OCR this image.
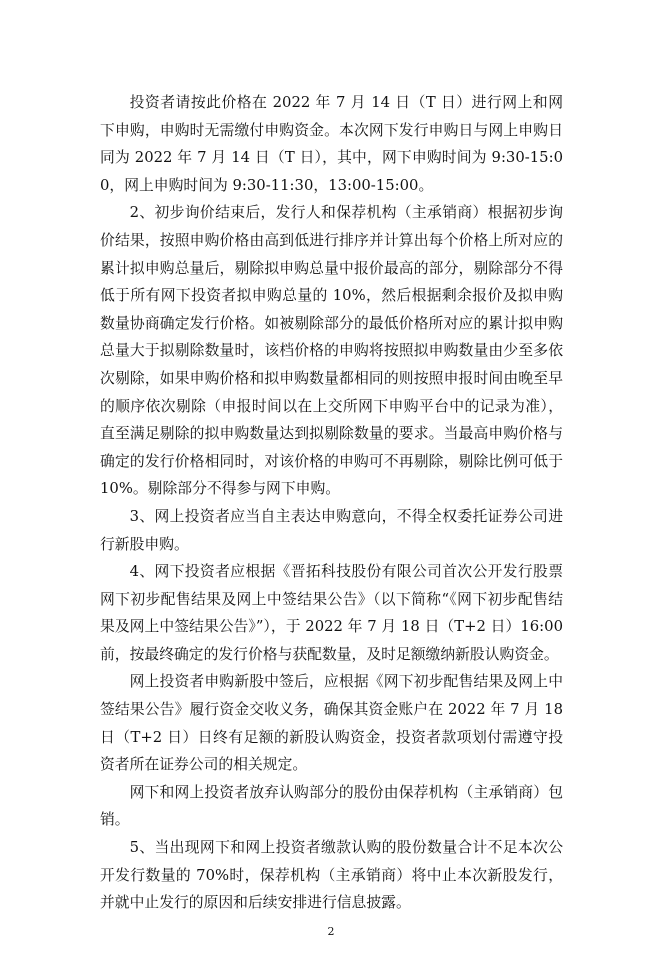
投资者请按此价格在 2022 年 7 月 14 日（T 日）进行网上和网下申购，申购时无需缴付申购资金。本次网下发行申购日与网上申购日同为 2022 年 7 月 14 日（T 日），其中，网下申购时间为 9:30-15:00，网上申购时间为 9:30-11:30，13:00-15:00。

2、初步询价结束后，发行人和保荐机构（主承销商）根据初步询价结果，按照申购价格由高到低进行排序并计算出每个价格上所对应的累计拟申购总量后，剔除拟申购总量中报价最高的部分，剔除部分不得低于所有网下投资者拟申购总量的 10%，然后根据剩余报价及拟申购数量协商确定发行价格。如被剔除部分的最低价格所对应的累计拟申购总量大于拟剔除数量时，该档价格的申购将按照拟申购数量由少至多依次剔除，如果申购价格和拟申购数量都相同的则按照申报时间由晚至早的顺序依次剔除（申报时间以在上交所网下申购平台中的记录为准），直至满足剔除的拟申购数量达到拟剔除数量的要求。当最高申购价格与确定的发行价格相同时，对该价格的申购可不再剔除，剔除比例可低于 10%。剔除部分不得参与网下申购。

3、网上投资者应当自主表达申购意向，不得全权委托证券公司进行新股申购。

4、网下投资者应根据《晋拓科技股份有限公司首次公开发行股票网下初步配售结果及网上中签结果公告》（以下简称“《网下初步配售结果及网上中签结果公告》”），于 2022 年 7 月 18 日（T+2 日）16:00 前，按最终确定的发行价格与获配数量，及时足额缴纳新股认购资金。

网上投资者申购新股中签后，应根据《网下初步配售结果及网上中签结果公告》履行资金交收义务，确保其资金账户在 2022 年 7 月 18 日（T+2 日）日终有足额的新股认购资金，投资者款项划付需遵守投资者所在证券公司的相关规定。

网下和网上投资者放弃认购部分的股份由保荐机构（主承销商）包销。

5、当出现网下和网上投资者缴款认购的股份数量合计不足本次公开发行数量的 70%时，保荐机构（主承销商）将中止本次新股发行，并就中止发行的原因和后续安排进行信息披露。

2
